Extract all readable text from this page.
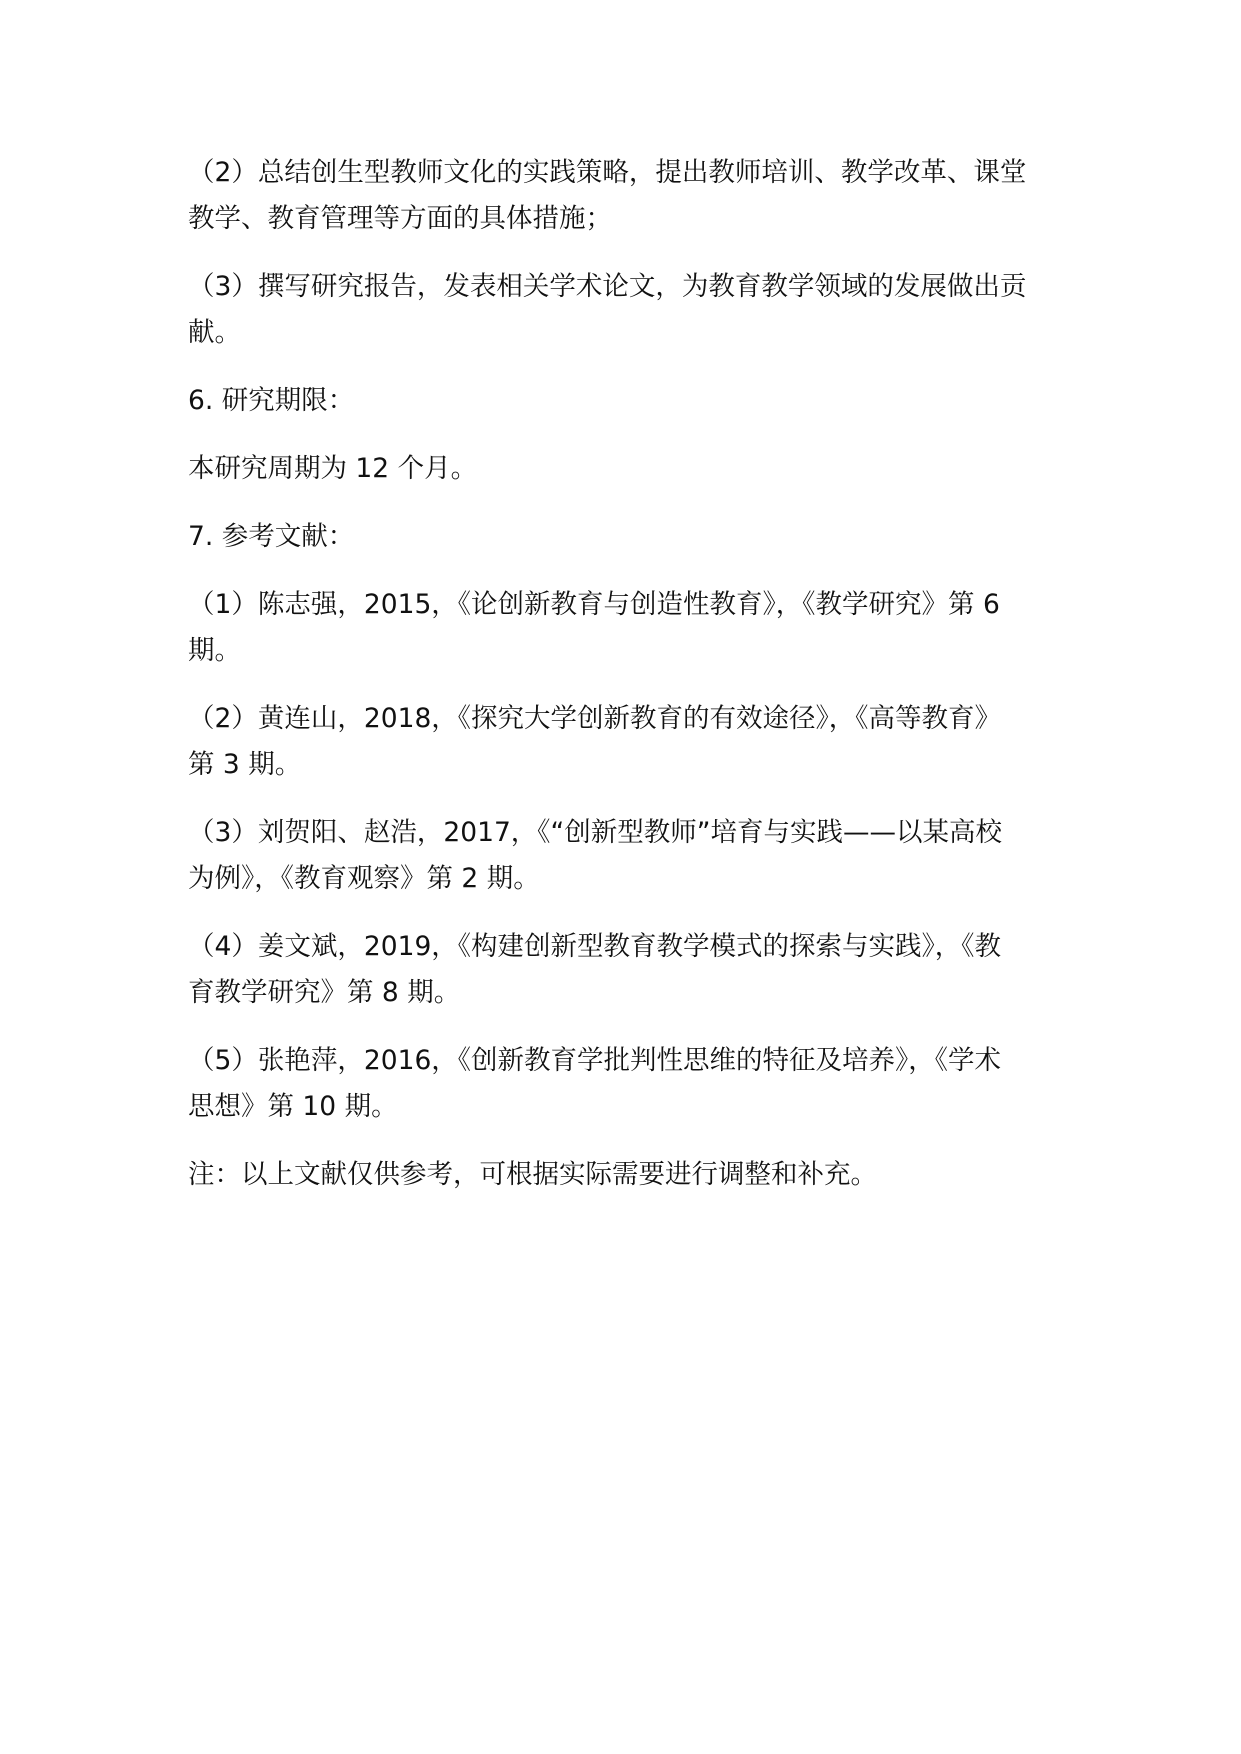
（2）总结创生型教师文化的实践策略，提出教师培训、教学改革、课堂
教学、教育管理等方面的具体措施；

（3）撰写研究报告，发表相关学术论文，为教育教学领域的发展做出贡
献。

6. 研究期限：

本研究周期为 12 个月。

7. 参考文献：

（1）陈志强，2015，《论创新教育与创造性教育》，《教学研究》第 6
期。

（2）黄连山，2018，《探究大学创新教育的有效途径》，《高等教育》
第 3 期。

（3）刘贺阳、赵浩，2017，《“创新型教师”培育与实践——以某高校
为例》，《教育观察》第 2 期。

（4）姜文斌，2019，《构建创新型教育教学模式的探索与实践》，《教
育教学研究》第 8 期。

（5）张艳萍，2016，《创新教育学批判性思维的特征及培养》，《学术
思想》第 10 期。

注：以上文献仅供参考，可根据实际需要进行调整和补充。
